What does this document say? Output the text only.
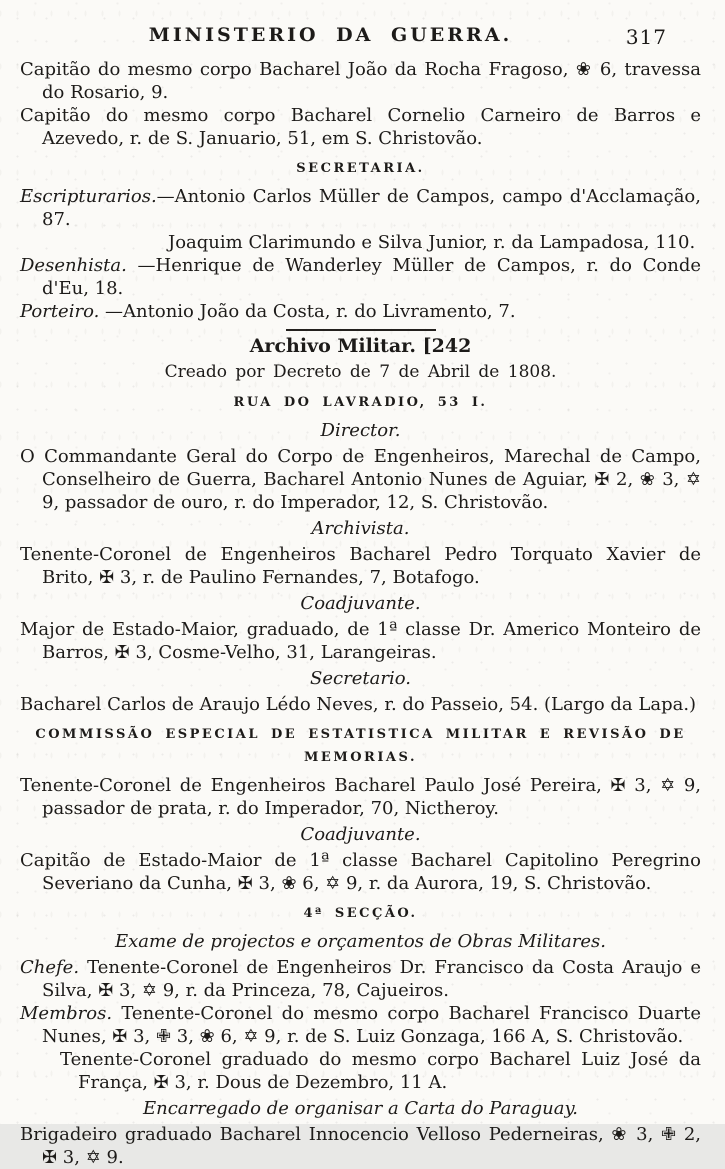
MINISTERIO DA GUERRA.	317
Capitão do mesmo corpo Bacharel João da Rocha Fragoso, ❀ 6, travessa do Rosario, 9.
Capitão do mesmo corpo Bacharel Cornelio Carneiro de Barros e Azevedo, r. de S. Januario, 51, em S. Christovão.
SECRETARIA.
Escripturarios.—Antonio Carlos Müller de Campos, campo d'Acclamação, 87.
Joaquim Clarimundo e Silva Junior, r. da Lampadosa, 110.
Desenhista. —Henrique de Wanderley Müller de Campos, r. do Conde d'Eu, 18.
Porteiro. —Antonio João da Costa, r. do Livramento, 7.
Archivo Militar. [242
Creado por Decreto de 7 de Abril de 1808.
RUA DO LAVRADIO, 53 I.
Director.
O Commandante Geral do Corpo de Engenheiros, Marechal de Campo, Conselheiro de Guerra, Bacharel Antonio Nunes de Aguiar, ✠ 2, ❀ 3, ✡ 9, passador de ouro, r. do Imperador, 12, S. Christovão.
Archivista.
Tenente-Coronel de Engenheiros Bacharel Pedro Torquato Xavier de Brito, ✠ 3, r. de Paulino Fernandes, 7, Botafogo.
Coadjuvante.
Major de Estado-Maior, graduado, de 1ª classe Dr. Americo Monteiro de Barros, ✠ 3, Cosme-Velho, 31, Larangeiras.
Secretario.
Bacharel Carlos de Araujo Lédo Neves, r. do Passeio, 54. (Largo da Lapa.)
COMMISSÃO ESPECIAL DE ESTATISTICA MILITAR E REVISÃO DE MEMORIAS.
Tenente-Coronel de Engenheiros Bacharel Paulo José Pereira, ✠ 3, ✡ 9, passador de prata, r. do Imperador, 70, Nictheroy.
Coadjuvante.
Capitão de Estado-Maior de 1ª classe Bacharel Capitolino Peregrino Severiano da Cunha, ✠ 3, ❀ 6, ✡ 9, r. da Aurora, 19, S. Christovão.
4ª SECÇÃO.
Exame de projectos e orçamentos de Obras Militares.
Chefe. Tenente-Coronel de Engenheiros Dr. Francisco da Costa Araujo e Silva, ✠ 3, ✡ 9, r. da Princeza, 78, Cajueiros.
Membros. Tenente-Coronel do mesmo corpo Bacharel Francisco Duarte Nunes, ✠ 3, ✙ 3, ❀ 6, ✡ 9, r. de S. Luiz Gonzaga, 166 A, S. Christovão.
Tenente-Coronel graduado do mesmo corpo Bacharel Luiz José da França, ✠ 3, r. Dous de Dezembro, 11 A.
Encarregado de organisar a Carta do Paraguay.
Brigadeiro graduado Bacharel Innocencio Velloso Pederneiras, ❀ 3, ✙ 2, ✠ 3, ✡ 9.
